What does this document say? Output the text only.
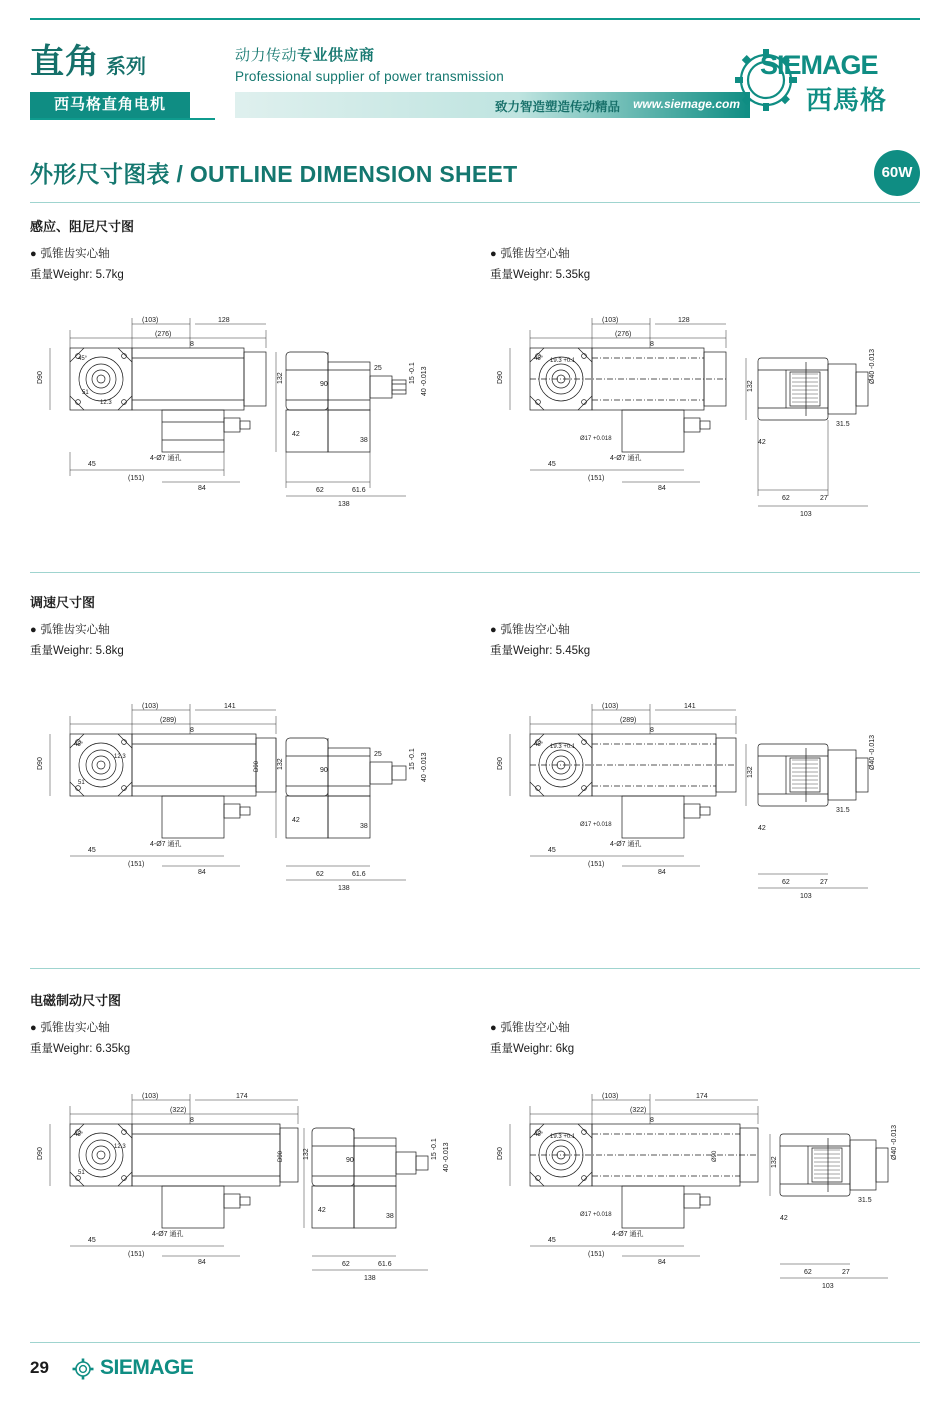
直角 系列
西马格直角电机
动力传动专业供应商
Professional supplier of power transmission
致力智造塑造传动精品 www.siemage.com
SIEMAGE
西馬格
外形尺寸图表 / OUTLINE DIMENSION SHEET	60W
感应、阻尼尺寸图
● 弧锥齿实心轴
重量Weighr: 5.7kg
● 弧锥齿空心轴
重量Weighr: 5.35kg
(276)
(103)	128
8
(151)
84
45
D90	132
90
42
38
62	61.6
138
25	15 -0.1 40 -0.013
4-Ø7 通孔
51
12.3
45°
(276)
(103)	128
8
(151)
84
45
D90
132
42
62	27
103
Ø40 -0.013
31.5
4-Ø7 通孔
Ø17 +0.018
19.3 +0.1
45°
调速尺寸图
● 弧锥齿实心轴
重量Weighr: 5.8kg
● 弧锥齿空心轴
重量Weighr: 5.45kg
(289)
(103)	141
8
(151)
84
45
D90	132
90
42
38
62	61.6
138
25	15 -0.1 40 -0.013
4-Ø7 通孔
12.3
51
45°
D90
(289)
(103)	141
8
(151)
84
45
D90
132
42
62	27
103
Ø40 -0.013
31.5
4-Ø7 通孔
Ø17 +0.018
19.3 +0.1
45°
电磁制动尺寸图
● 弧锥齿实心轴
重量Weighr: 6.35kg
● 弧锥齿空心轴
重量Weighr: 6kg
(322)
(103)	174
8
(151)
84
45
D90	132
90
42
38
62	61.6
138
15 -0.1 40 -0.013
4-Ø7 通孔
12.3
51
45°
D90
(322)
(103)	174
8
(151)
84
45
D90
132
42
62	27
103
Ø40 -0.013
31.5
4-Ø7 通孔
Ø17 +0.018
19.3 +0.1
45°
Ø90
29 SIEMAGE
